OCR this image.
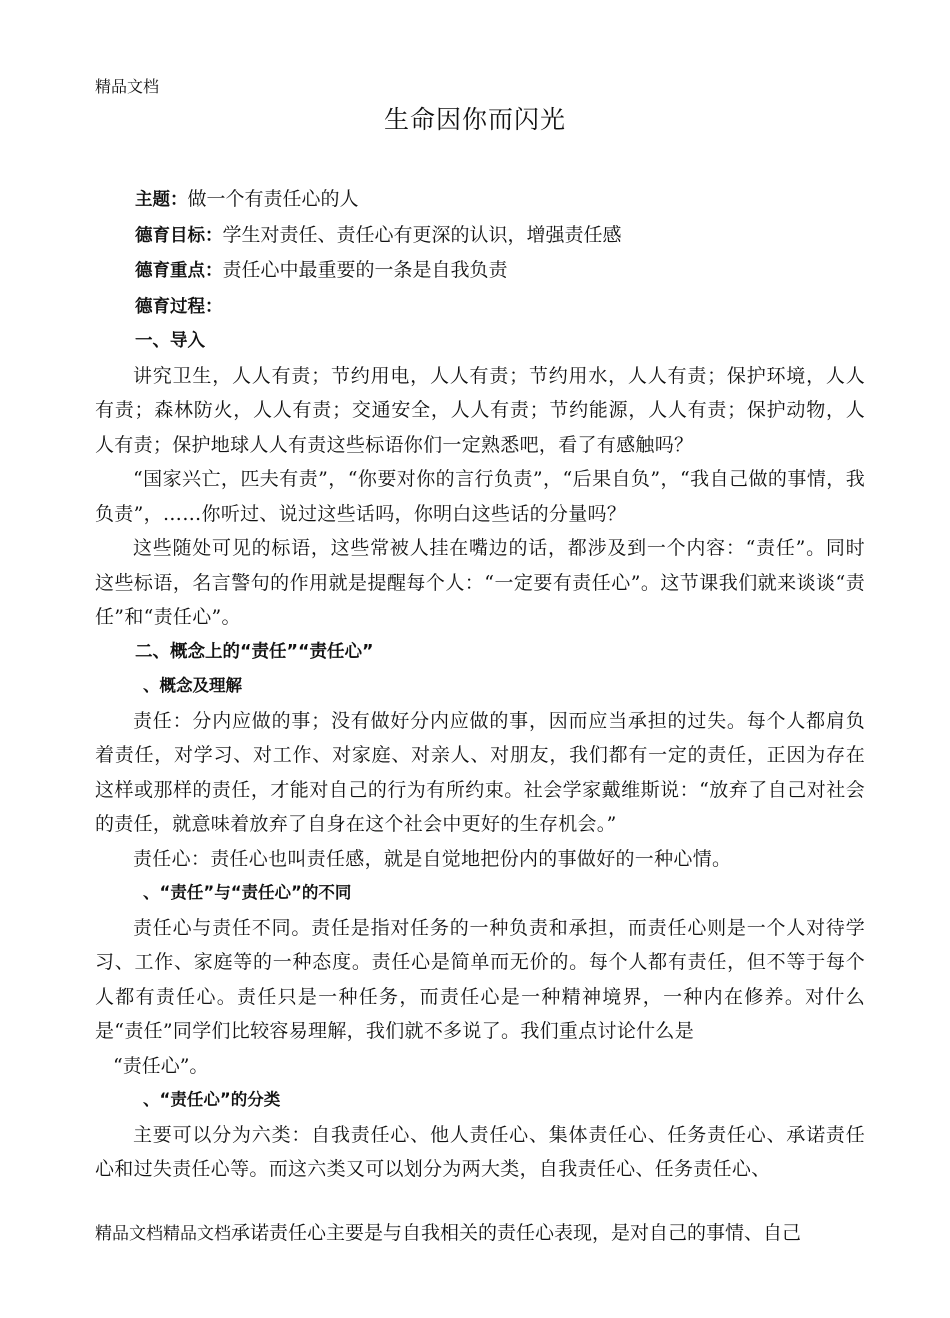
精品文档
生命因你而闪光
主题：做一个有责任心的人
德育目标：学生对责任、责任心有更深的认识，增强责任感
德育重点：责任心中最重要的一条是自我负责
德育过程：
一、导入

讲究卫生，人人有责；节约用电，人人有责；节约用水，人人有责；保护环境，人人有责；森林防火，人人有责；交通安全，人人有责；节约能源，人人有责；保护动物，人人有责；保护地球人人有责这些标语你们一定熟悉吧，看了有感触吗？

“国家兴亡，匹夫有责”，“你要对你的言行负责”，“后果自负”，“我自己做的事情，我负责”，……你听过、说过这些话吗，你明白这些话的分量吗？

这些随处可见的标语，这些常被人挂在嘴边的话，都涉及到一个内容：“责任”。同时这些标语，名言警句的作用就是提醒每个人：“一定要有责任心”。这节课我们就来谈谈“责任”和“责任心”。

二、概念上的“责任”“责任心”
、概念及理解

责任：分内应做的事；没有做好分内应做的事，因而应当承担的过失。每个人都肩负着责任，对学习、对工作、对家庭、对亲人、对朋友，我们都有一定的责任，正因为存在这样或那样的责任，才能对自己的行为有所约束。社会学家戴维斯说：“放弃了自己对社会的责任，就意味着放弃了自身在这个社会中更好的生存机会。”

责任心：责任心也叫责任感，就是自觉地把份内的事做好的一种心情。

、“责任”与“责任心”的不同

责任心与责任不同。责任是指对任务的一种负责和承担，而责任心则是一个人对待学习、工作、家庭等的一种态度。责任心是简单而无价的。每个人都有责任，但不等于每个人都有责任心。责任只是一种任务，而责任心是一种精神境界，一种内在修养。对什么是“责任”同学们比较容易理解，我们就不多说了。我们重点讨论什么是

“责任心”。
、“责任心”的分类

主要可以分为六类：自我责任心、他人责任心、集体责任心、任务责任心、承诺责任心和过失责任心等。而这六类又可以划分为两大类，自我责任心、任务责任心、

精品文档精品文档承诺责任心主要是与自我相关的责任心表现，是对自己的事情、自己
